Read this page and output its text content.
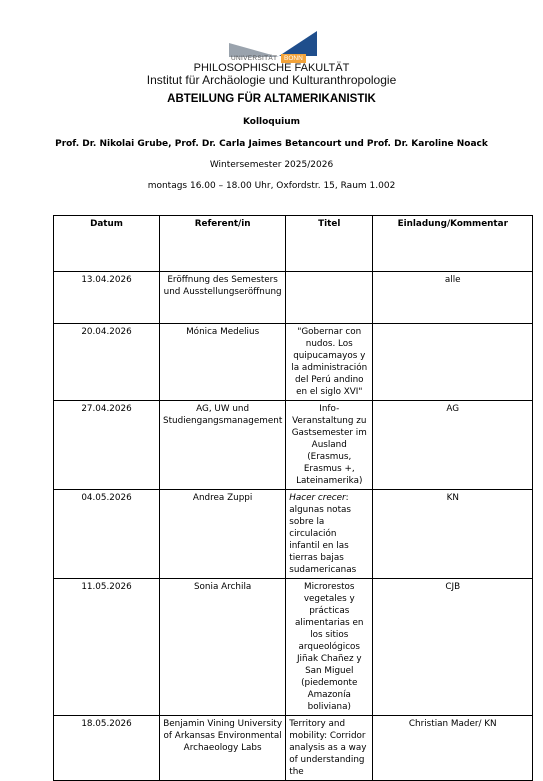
UNIVERSITÄT	BONN
PHILOSOPHISCHE FAKULTÄT
Institut für Archäologie und Kulturanthropologie
ABTEILUNG FÜR ALTAMERIKANISTIK
Kolloquium
Prof. Dr. Nikolai Grube, Prof. Dr. Carla Jaimes Betancourt und Prof. Dr. Karoline Noack
Wintersemester 2025/2026
montags 16.00 – 18.00 Uhr, Oxfordstr. 15, Raum 1.002
Datum	Referent/in	Titel	Einladung/Kommentar
13.04.2026	Eröffnung des Semesters und Ausstellungseröffnung		alle
20.04.2026	Mónica Medelius	"Gobernar con nudos. Los quipucamayos y la administración del Perú andino en el siglo XVI"	
27.04.2026	AG, UW und Studiengangsmanagement	Info-Veranstaltung zu Gastsemester im Ausland (Erasmus, Erasmus +, Lateinamerika)	AG
04.05.2026	Andrea Zuppi	Hacer crecer: algunas notas sobre la circulación infantil en las tierras bajas sudamericanas	KN
11.05.2026	Sonia Archila	Microrestos vegetales y prácticas alimentarias en los sitios arqueológicos Jiñak Chañez y San Miguel (piedemonte Amazonía boliviana)	CJB
18.05.2026	Benjamin Vining University of Arkansas Environmental Archaeology Labs	Territory and mobility: Corridor analysis as a way of understanding the	Christian Mader/ KN
